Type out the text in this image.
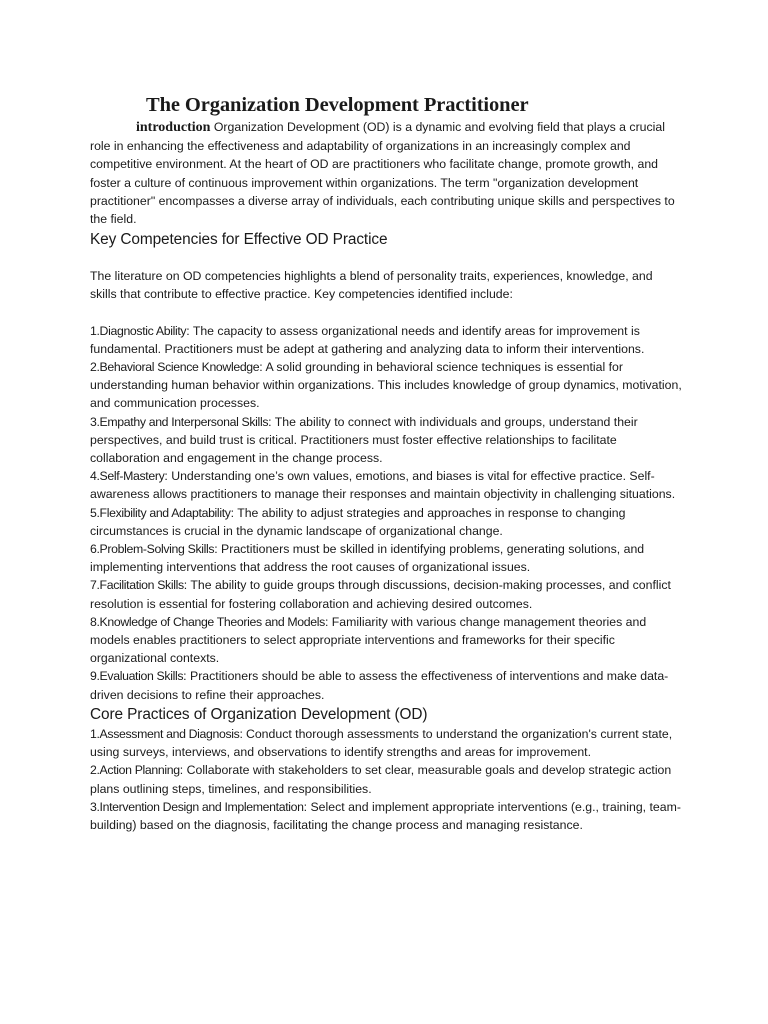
The Organization Development Practitioner

introduction Organization Development (OD) is a dynamic and evolving field that plays a crucial role in enhancing the effectiveness and adaptability of organizations in an increasingly complex and competitive environment. At the heart of OD are practitioners who facilitate change, promote growth, and foster a culture of continuous improvement within organizations. The term "organization development practitioner" encompasses a diverse array of individuals, each contributing unique skills and perspectives to the field.

Key Competencies for Effective OD Practice

The literature on OD competencies highlights a blend of personality traits, experiences, knowledge, and skills that contribute to effective practice. Key competencies identified include:

1.Diagnostic Ability: The capacity to assess organizational needs and identify areas for improvement is fundamental. Practitioners must be adept at gathering and analyzing data to inform their interventions.

2.Behavioral Science Knowledge: A solid grounding in behavioral science techniques is essential for understanding human behavior within organizations. This includes knowledge of group dynamics, motivation, and communication processes.

3.Empathy and Interpersonal Skills: The ability to connect with individuals and groups, understand their perspectives, and build trust is critical. Practitioners must foster effective relationships to facilitate collaboration and engagement in the change process.

4.Self-Mastery: Understanding one’s own values, emotions, and biases is vital for effective practice. Self-awareness allows practitioners to manage their responses and maintain objectivity in challenging situations.

5.Flexibility and Adaptability: The ability to adjust strategies and approaches in response to changing circumstances is crucial in the dynamic landscape of organizational change.

6.Problem-Solving Skills: Practitioners must be skilled in identifying problems, generating solutions, and implementing interventions that address the root causes of organizational issues.

7.Facilitation Skills: The ability to guide groups through discussions, decision-making processes, and conflict resolution is essential for fostering collaboration and achieving desired outcomes.

8.Knowledge of Change Theories and Models: Familiarity with various change management theories and models enables practitioners to select appropriate interventions and frameworks for their specific organizational contexts.

9.Evaluation Skills: Practitioners should be able to assess the effectiveness of interventions and make data-driven decisions to refine their approaches.

Core Practices of Organization Development (OD)

1.Assessment and Diagnosis: Conduct thorough assessments to understand the organization's current state, using surveys, interviews, and observations to identify strengths and areas for improvement.

2.Action Planning: Collaborate with stakeholders to set clear, measurable goals and develop strategic action plans outlining steps, timelines, and responsibilities.

3.Intervention Design and Implementation: Select and implement appropriate interventions (e.g., training, team-building) based on the diagnosis, facilitating the change process and managing resistance.
